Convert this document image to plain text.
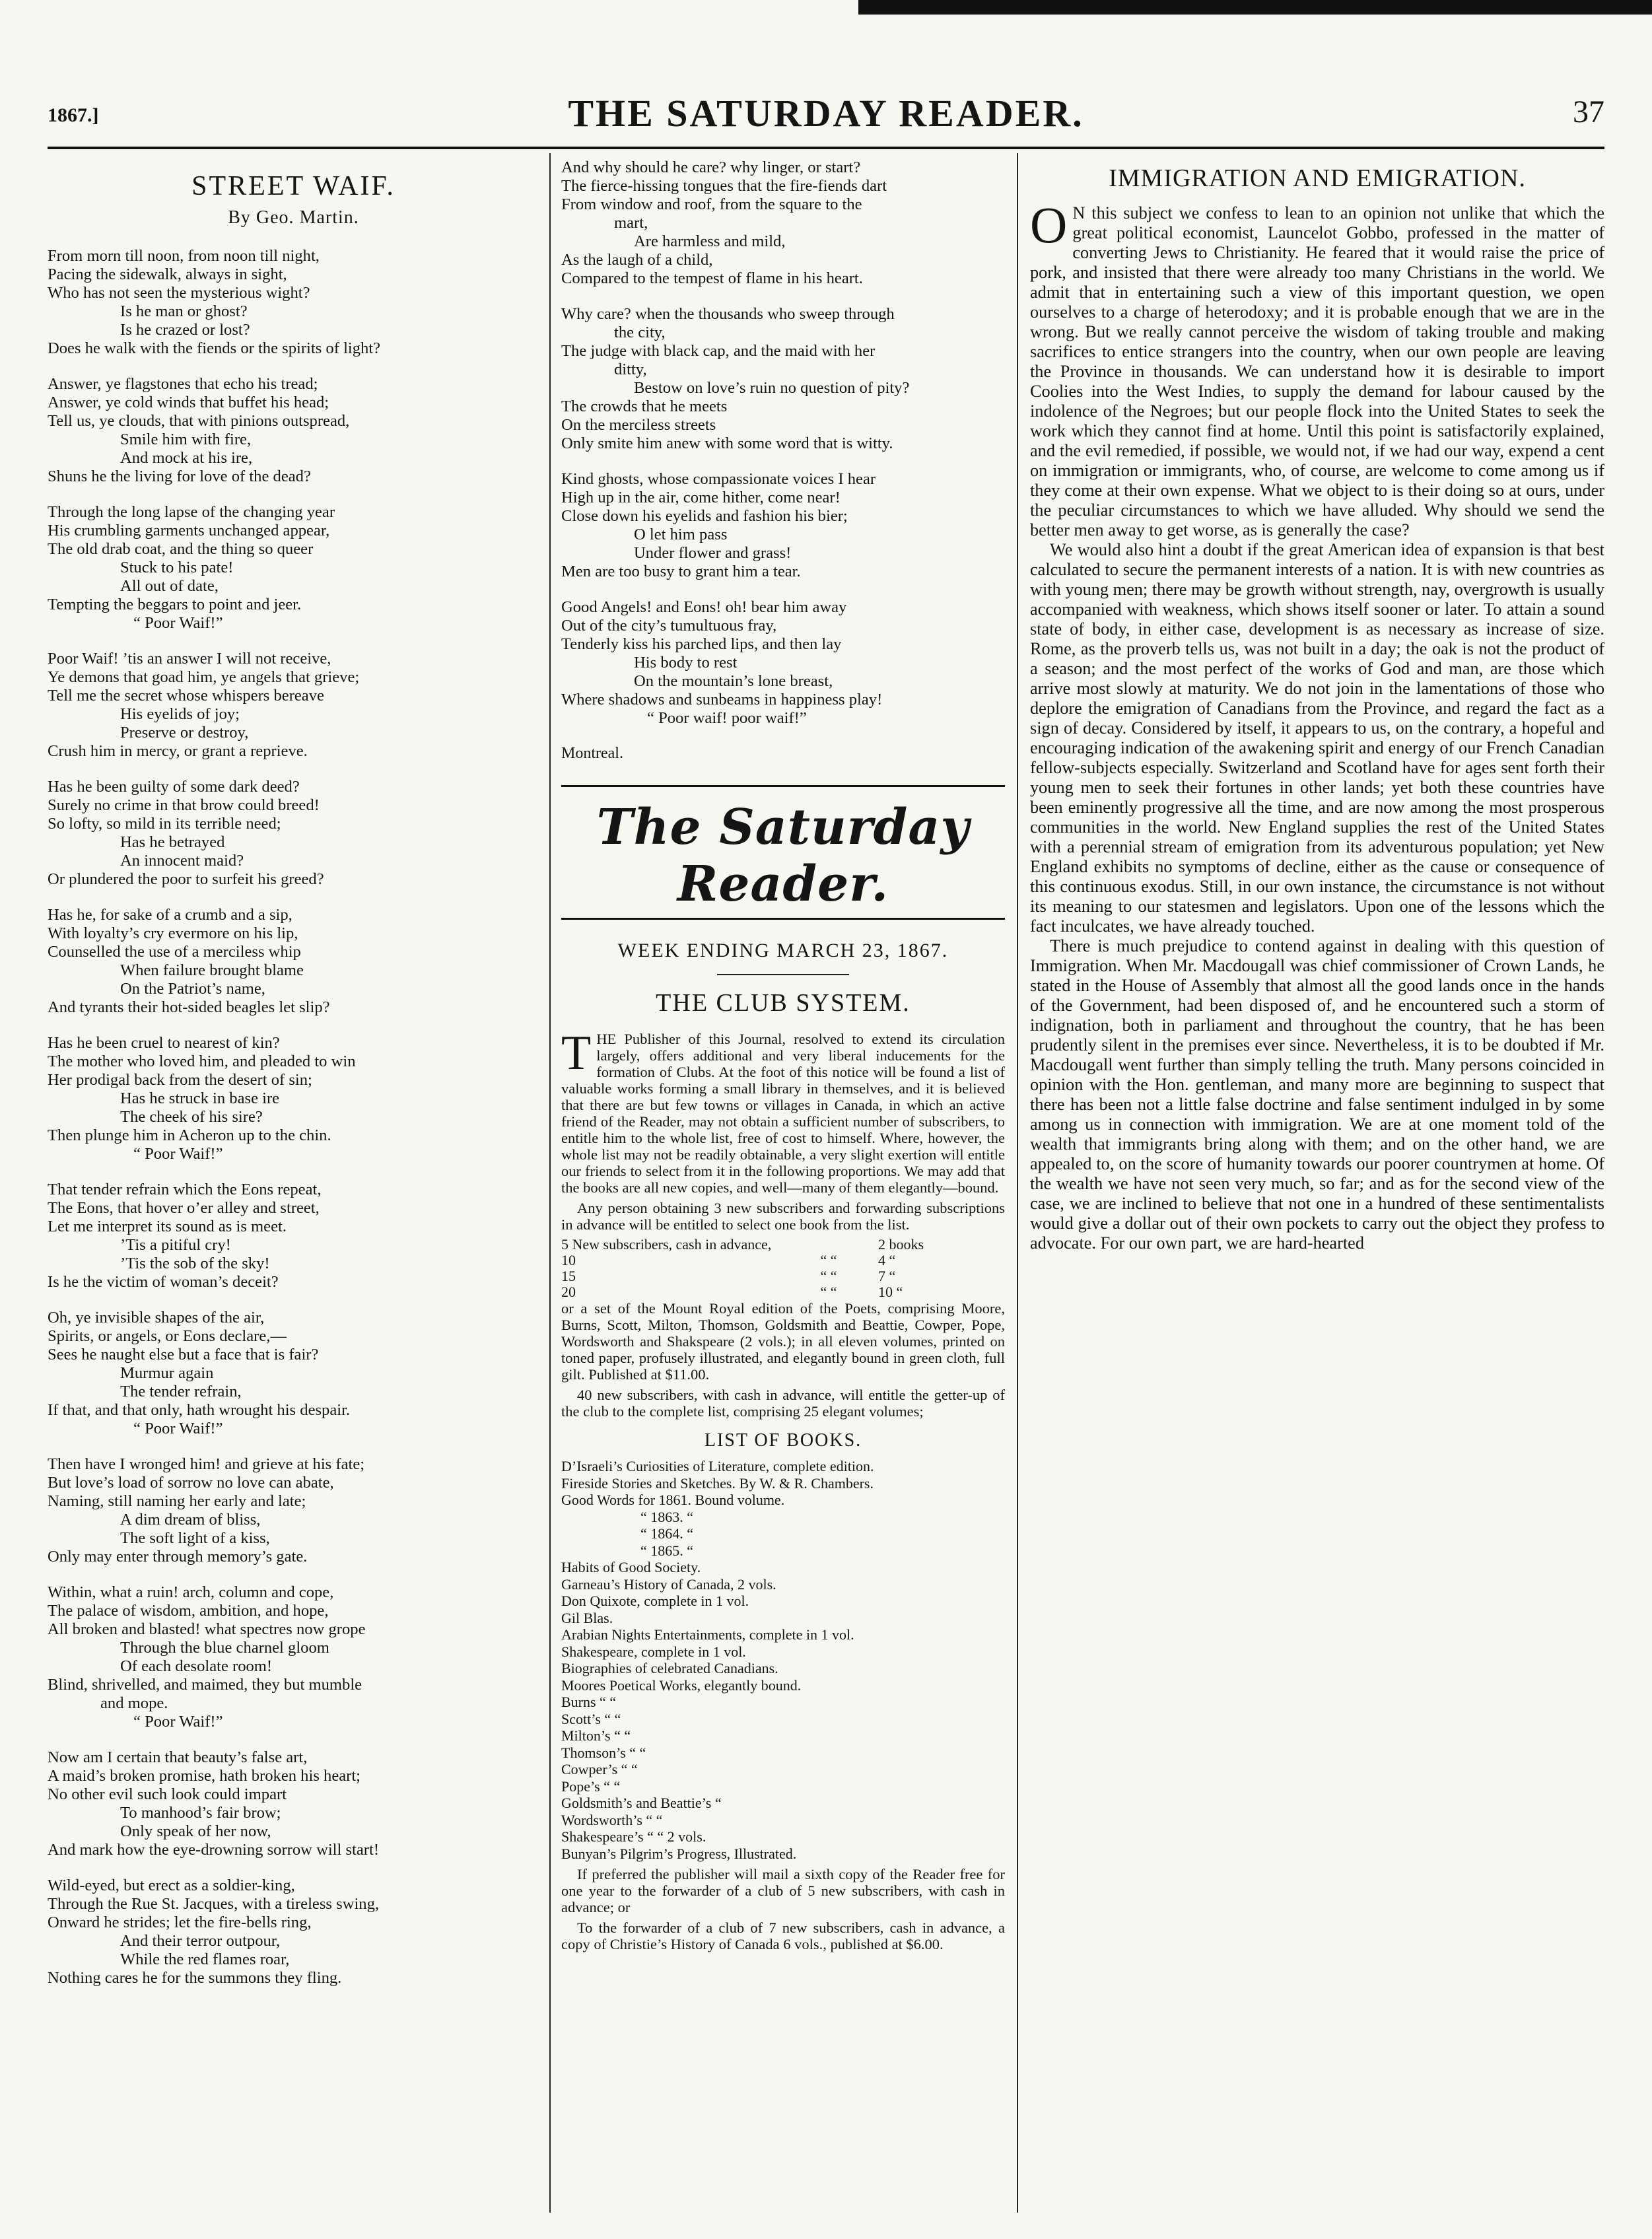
1867.]	THE SATURDAY READER.	37
STREET WAIF.
By Geo. Martin.
From morn till noon, from noon till night,
Pacing the sidewalk, always in sight,
Who has not seen the mysterious wight?
Is he man or ghost?
Is he crazed or lost?
Does he walk with the fiends or the spirits of light?
Answer, ye flagstones that echo his tread;
Answer, ye cold winds that buffet his head;
Tell us, ye clouds, that with pinions outspread,
Smile him with fire,
And mock at his ire,
Shuns he the living for love of the dead?
Through the long lapse of the changing year
His crumbling garments unchanged appear,
The old drab coat, and the thing so queer
Stuck to his pate!
All out of date,
Tempting the beggars to point and jeer.
“ Poor Waif!”
Poor Waif! ’tis an answer I will not receive,
Ye demons that goad him, ye angels that grieve;
Tell me the secret whose whispers bereave
His eyelids of joy;
Preserve or destroy,
Crush him in mercy, or grant a reprieve.
Has he been guilty of some dark deed?
Surely no crime in that brow could breed!
So lofty, so mild in its terrible need;
Has he betrayed
An innocent maid?
Or plundered the poor to surfeit his greed?
Has he, for sake of a crumb and a sip,
With loyalty’s cry evermore on his lip,
Counselled the use of a merciless whip
When failure brought blame
On the Patriot’s name,
And tyrants their hot-sided beagles let slip?
Has he been cruel to nearest of kin?
The mother who loved him, and pleaded to win
Her prodigal back from the desert of sin;
Has he struck in base ire
The cheek of his sire?
Then plunge him in Acheron up to the chin.
“ Poor Waif!”
That tender refrain which the Eons repeat,
The Eons, that hover o’er alley and street,
Let me interpret its sound as is meet.
’Tis a pitiful cry!
’Tis the sob of the sky!
Is he the victim of woman’s deceit?
Oh, ye invisible shapes of the air,
Spirits, or angels, or Eons declare,—
Sees he naught else but a face that is fair?
Murmur again
The tender refrain,
If that, and that only, hath wrought his despair.
“ Poor Waif!”
Then have I wronged him! and grieve at his fate;
But love’s load of sorrow no love can abate,
Naming, still naming her early and late;
A dim dream of bliss,
The soft light of a kiss,
Only may enter through memory’s gate.
Within, what a ruin! arch, column and cope,
The palace of wisdom, ambition, and hope,
All broken and blasted! what spectres now grope
Through the blue charnel gloom
Of each desolate room!
Blind, shrivelled, and maimed, they but mumble
and mope.
“ Poor Waif!”
Now am I certain that beauty’s false art,
A maid’s broken promise, hath broken his heart;
No other evil such look could impart
To manhood’s fair brow;
Only speak of her now,
And mark how the eye-drowning sorrow will start!
Wild-eyed, but erect as a soldier-king,
Through the Rue St. Jacques, with a tireless swing,
Onward he strides; let the fire-bells ring,
And their terror outpour,
While the red flames roar,
Nothing cares he for the summons they fling.
And why should he care? why linger, or start?
The fierce-hissing tongues that the fire-fiends dart
From window and roof, from the square to the
mart,
Are harmless and mild,
As the laugh of a child,
Compared to the tempest of flame in his heart.
Why care? when the thousands who sweep through
the city,
The judge with black cap, and the maid with her
ditty,
Bestow on love’s ruin no question of pity?
The crowds that he meets
On the merciless streets
Only smite him anew with some word that is witty.
Kind ghosts, whose compassionate voices I hear
High up in the air, come hither, come near!
Close down his eyelids and fashion his bier;
O let him pass
Under flower and grass!
Men are too busy to grant him a tear.
Good Angels! and Eons! oh! bear him away
Out of the city’s tumultuous fray,
Tenderly kiss his parched lips, and then lay
His body to rest
On the mountain’s lone breast,
Where shadows and sunbeams in happiness play!
“ Poor waif! poor waif!”
Montreal.
The Saturday Reader.
WEEK ENDING MARCH 23, 1867.
THE CLUB SYSTEM.

T HE Publisher of this Journal, resolved to extend its circulation largely, offers additional and very liberal inducements for the formation of Clubs. At the foot of this notice will be found a list of valuable works forming a small library in themselves, and it is believed that there are but few towns or villages in Canada, in which an active friend of the Reader, may not obtain a sufficient number of subscribers, to entitle him to the whole list, free of cost to himself. Where, however, the whole list may not be readily obtainable, a very slight exertion will entitle our friends to select from it in the following proportions. We may add that the books are all new copies, and well—many of them elegantly—bound.

Any person obtaining 3 new subscribers and forwarding subscriptions in advance will be entitled to select one book from the list.

5 New subscribers, cash in advance,	2 books
10	“ “	4 “
15	“ “	7 “
20	“ “	10 “

or a set of the Mount Royal edition of the Poets, comprising Moore, Burns, Scott, Milton, Thomson, Goldsmith and Beattie, Cowper, Pope, Wordsworth and Shakspeare (2 vols.); in all eleven volumes, printed on toned paper, profusely illustrated, and elegantly bound in green cloth, full gilt. Published at $11.00.

40 new subscribers, with cash in advance, will entitle the getter-up of the club to the complete list, comprising 25 elegant volumes;

LIST OF BOOKS.
D’Israeli’s Curiosities of Literature, complete edition.
Fireside Stories and Sketches. By W. & R. Chambers.
Good Words for 1861. Bound volume.
“ 1863. “
“ 1864. “
“ 1865. “
Habits of Good Society.
Garneau’s History of Canada, 2 vols.
Don Quixote, complete in 1 vol.
Gil Blas.
Arabian Nights Entertainments, complete in 1 vol.
Shakespeare, complete in 1 vol.
Biographies of celebrated Canadians.
Moores Poetical Works, elegantly bound.
Burns “ “
Scott’s “ “
Milton’s “ “
Thomson’s “ “
Cowper’s “ “
Pope’s “ “
Goldsmith’s and Beattie’s “
Wordsworth’s “ “
Shakespeare’s “ “ 2 vols.
Bunyan’s Pilgrim’s Progress, Illustrated.

If preferred the publisher will mail a sixth copy of the Reader free for one year to the forwarder of a club of 5 new subscribers, with cash in advance; or

To the forwarder of a club of 7 new subscribers, cash in advance, a copy of Christie’s History of Canada 6 vols., published at $6.00.

IMMIGRATION AND EMIGRATION.

O N this subject we confess to lean to an opinion not unlike that which the great political economist, Launcelot Gobbo, professed in the matter of converting Jews to Christianity. He feared that it would raise the price of pork, and insisted that there were already too many Christians in the world. We admit that in entertaining such a view of this important question, we open ourselves to a charge of heterodoxy; and it is probable enough that we are in the wrong. But we really cannot perceive the wisdom of taking trouble and making sacrifices to entice strangers into the country, when our own people are leaving the Province in thousands. We can understand how it is desirable to import Coolies into the West Indies, to supply the demand for labour caused by the indolence of the Negroes; but our people flock into the United States to seek the work which they cannot find at home. Until this point is satisfactorily explained, and the evil remedied, if possible, we would not, if we had our way, expend a cent on immigration or immigrants, who, of course, are welcome to come among us if they come at their own expense. What we object to is their doing so at ours, under the peculiar circumstances to which we have alluded. Why should we send the better men away to get worse, as is generally the case?

We would also hint a doubt if the great American idea of expansion is that best calculated to secure the permanent interests of a nation. It is with new countries as with young men; there may be growth without strength, nay, overgrowth is usually accompanied with weakness, which shows itself sooner or later. To attain a sound state of body, in either case, development is as necessary as increase of size. Rome, as the proverb tells us, was not built in a day; the oak is not the product of a season; and the most perfect of the works of God and man, are those which arrive most slowly at maturity. We do not join in the lamentations of those who deplore the emigration of Canadians from the Province, and regard the fact as a sign of decay. Considered by itself, it appears to us, on the contrary, a hopeful and encouraging indication of the awakening spirit and energy of our French Canadian fellow-subjects especially. Switzerland and Scotland have for ages sent forth their young men to seek their fortunes in other lands; yet both these countries have been eminently progressive all the time, and are now among the most prosperous communities in the world. New England supplies the rest of the United States with a perennial stream of emigration from its adventurous population; yet New England exhibits no symptoms of decline, either as the cause or consequence of this continuous exodus. Still, in our own instance, the circumstance is not without its meaning to our statesmen and legislators. Upon one of the lessons which the fact inculcates, we have already touched.

There is much prejudice to contend against in dealing with this question of Immigration. When Mr. Macdougall was chief commissioner of Crown Lands, he stated in the House of Assembly that almost all the good lands once in the hands of the Government, had been disposed of, and he encountered such a storm of indignation, both in parliament and throughout the country, that he has been prudently silent in the premises ever since. Nevertheless, it is to be doubted if Mr. Macdougall went further than simply telling the truth. Many persons coincided in opinion with the Hon. gentleman, and many more are beginning to suspect that there has been not a little false doctrine and false sentiment indulged in by some among us in connection with immigration. We are at one moment told of the wealth that immigrants bring along with them; and on the other hand, we are appealed to, on the score of humanity towards our poorer countrymen at home. Of the wealth we have not seen very much, so far; and as for the second view of the case, we are inclined to believe that not one in a hundred of these sentimentalists would give a dollar out of their own pockets to carry out the object they profess to advocate. For our own part, we are hard-hearted
